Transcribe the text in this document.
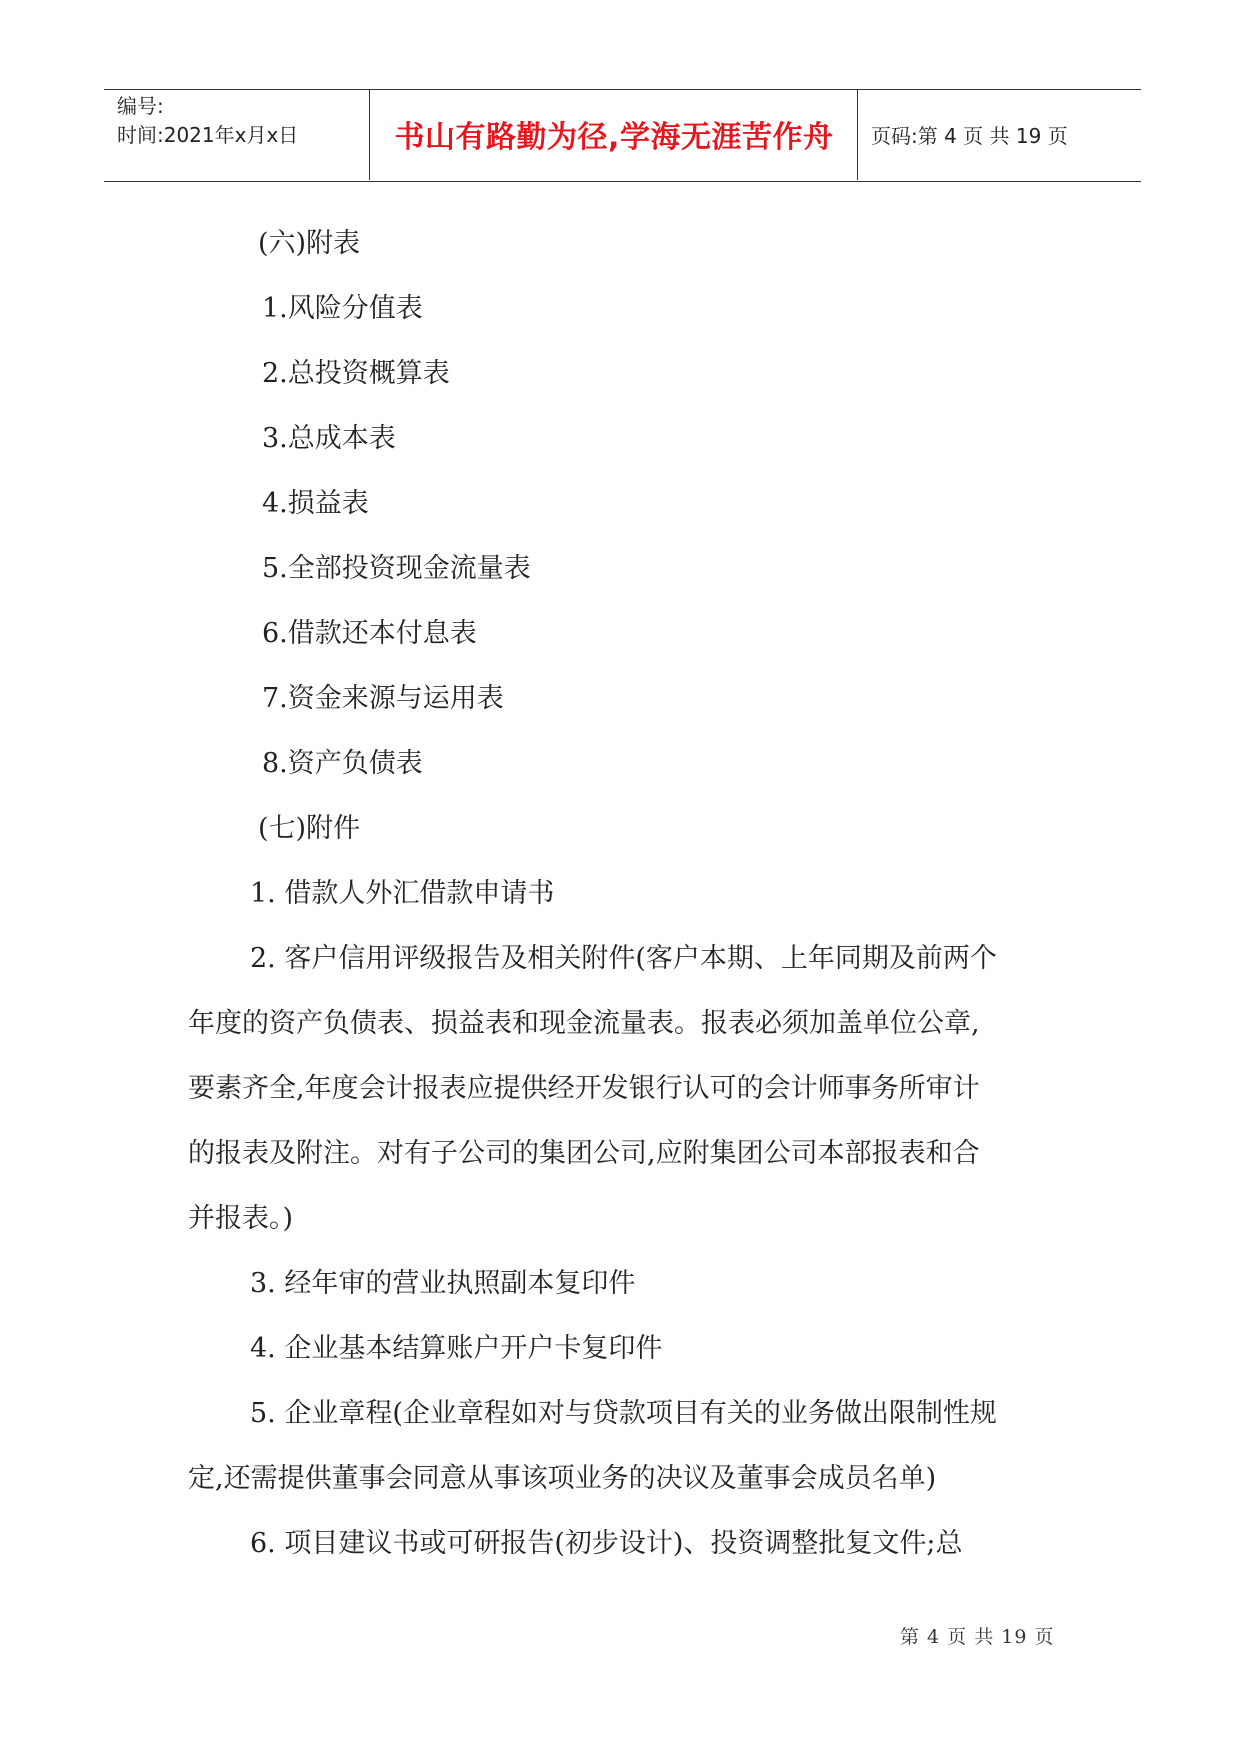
编号:
时间:2021年x月x日	书山有路勤为径,学海无涯苦作舟	页码:第 4 页 共 19 页
(六)附表
1.风险分值表
2.总投资概算表
3.总成本表
4.损益表
5.全部投资现金流量表
6.借款还本付息表
7.资金来源与运用表
8.资产负债表
(七)附件
1. 借款人外汇借款申请书
2. 客户信用评级报告及相关附件(客户本期、上年同期及前两个
年度的资产负债表、损益表和现金流量表。报表必须加盖单位公章,
要素齐全,年度会计报表应提供经开发银行认可的会计师事务所审计
的报表及附注。对有子公司的集团公司,应附集团公司本部报表和合
并报表。)
3. 经年审的营业执照副本复印件
4. 企业基本结算账户开户卡复印件
5. 企业章程(企业章程如对与贷款项目有关的业务做出限制性规
定,还需提供董事会同意从事该项业务的决议及董事会成员名单)
6. 项目建议书或可研报告(初步设计)、投资调整批复文件;总
第 4 页 共 19 页
